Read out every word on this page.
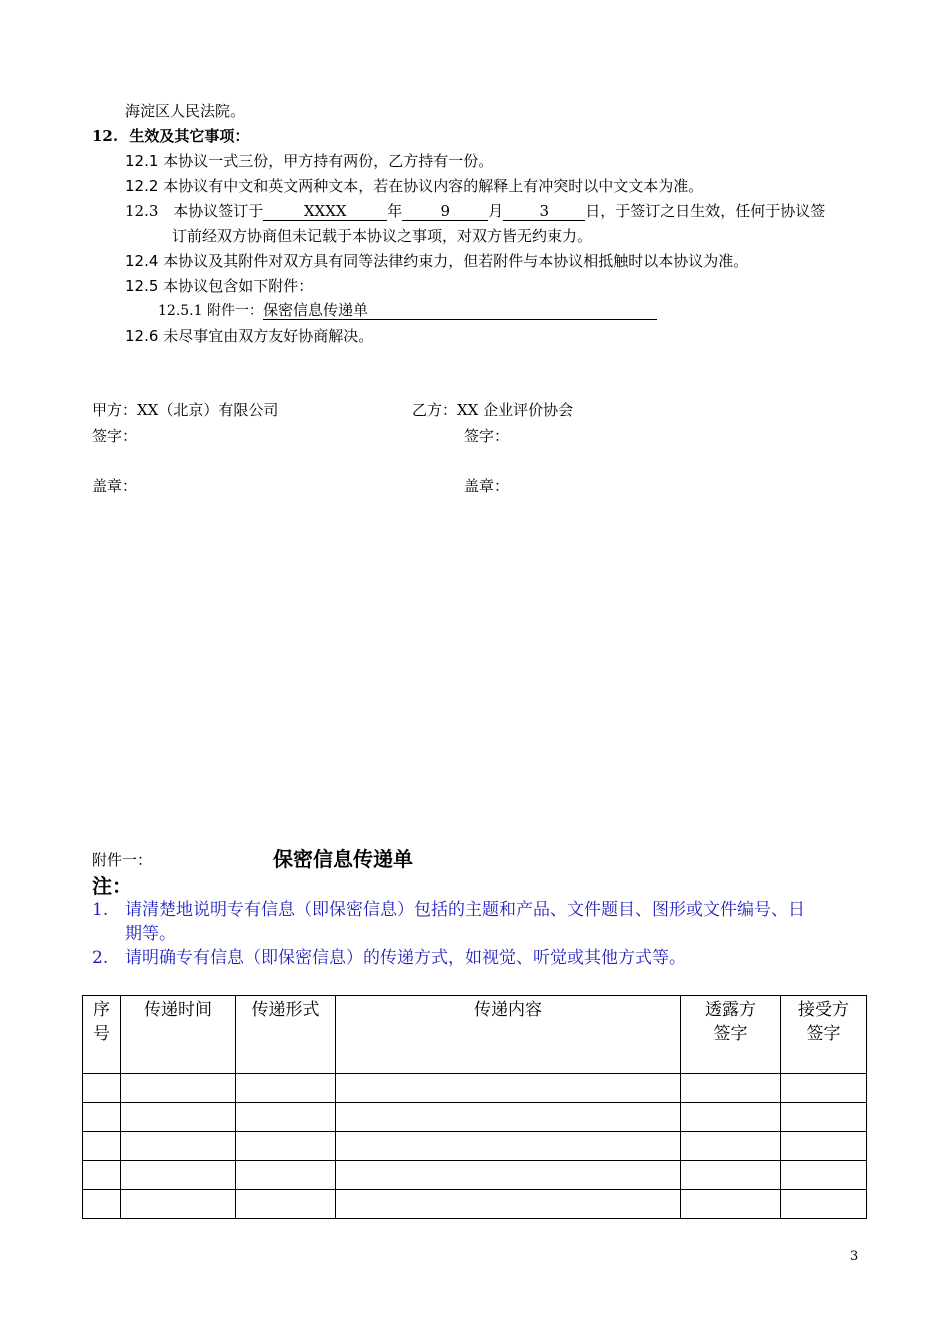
海淀区人民法院。
12. 生效及其它事项：
12.1 本协议一式三份，甲方持有两份，乙方持有一份。
12.2 本协议有中文和英文两种文本，若在协议内容的解释上有冲突时以中文文本为准。
12.3 本协议签订于	XXXX	年	9	月 3 日，于签订之日生效，任何于协议签
订前经双方协商但未记载于本协议之事项，对双方皆无约束力。
12.4 本协议及其附件对双方具有同等法律约束力，但若附件与本协议相抵触时以本协议为准。
12.5 本协议包含如下附件：
12.5.1 附件一：保密信息传递单
12.6 未尽事宜由双方友好协商解决。
甲方：XX（北京）有限公司	乙方：XX 企业评价协会
签字：	签字：
盖章：	盖章：
附件一：	保密信息传递单
注：
1. 请清楚地说明专有信息（即保密信息）包括的主题和产品、文件题目、图形或文件编号、日
期等。
2. 请明确专有信息（即保密信息）的传递方式，如视觉、听觉或其他方式等。
序号	传递时间	传递形式	传递内容	透露方签字	接受方签字

3
